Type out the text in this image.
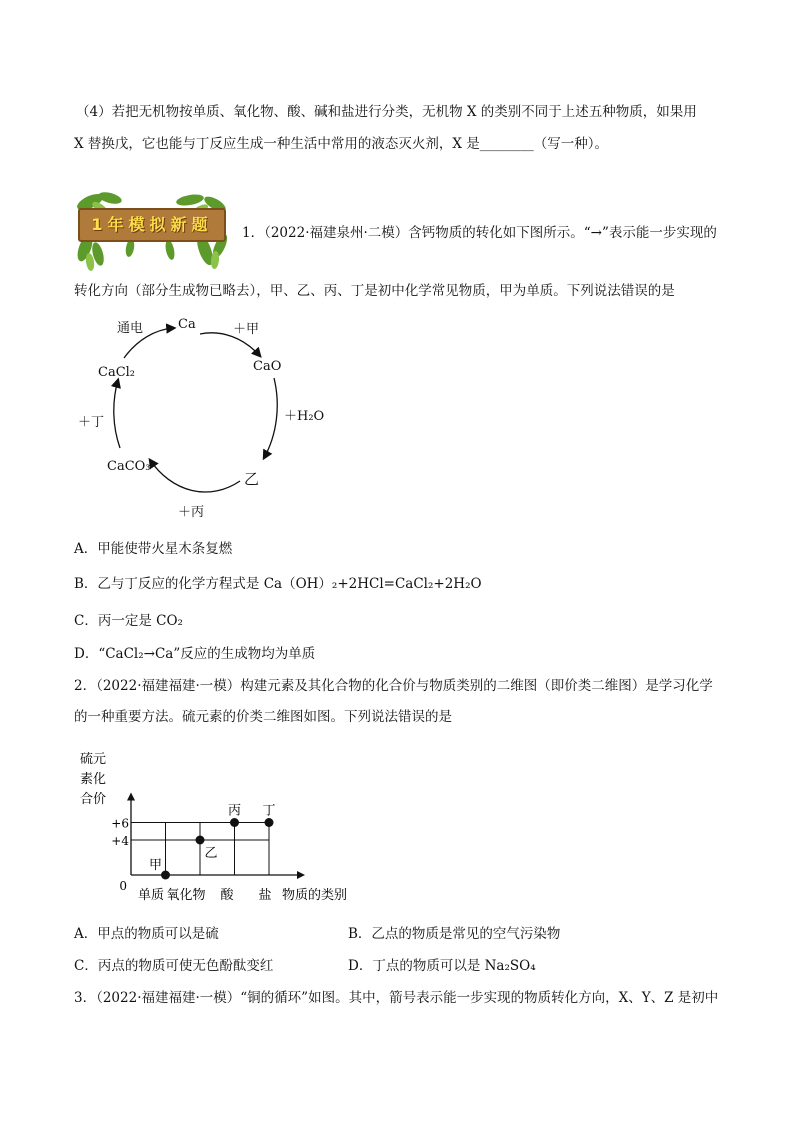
（4）若把无机物按单质、氧化物、酸、碱和盐进行分类，无机物 X 的类别不同于上述五种物质，如果用
X 替换戊，它也能与丁反应生成一种生活中常用的液态灭火剂，X 是________（写一种）。
1年模拟新题	1．（2022·福建泉州·二模）含钙物质的转化如下图所示。“→”表示能一步实现的
转化方向（部分生成物已略去），甲、乙、丙、丁是初中化学常见物质，甲为单质。下列说法错误的是
通电	Ca	＋甲
CaO
＋H₂O
乙
＋丙
CaCO₃
＋丁
CaCl₂
A．甲能使带火星木条复燃
B．乙与丁反应的化学方程式是 Ca（OH）₂+2HCl=CaCl₂+2H₂O
C．丙一定是 CO₂
D．“CaCl₂→Ca”反应的生成物均为单质
2．（2022·福建福建·一模）构建元素及其化合物的化合价与物质类别的二维图（即价类二维图）是学习化学
的一种重要方法。硫元素的价类二维图如图。下列说法错误的是
硫元
素化
合价
物质的类别
0
+4
+6
单质 氧化物 酸 盐
甲
乙
丙 丁
A．甲点的物质可以是硫	B．乙点的物质是常见的空气污染物
C．丙点的物质可使无色酚酞变红	D．丁点的物质可以是 Na₂SO₄
3．（2022·福建福建·一模）“铜的循环”如图。其中，箭号表示能一步实现的物质转化方向，X、Y、Z 是初中
